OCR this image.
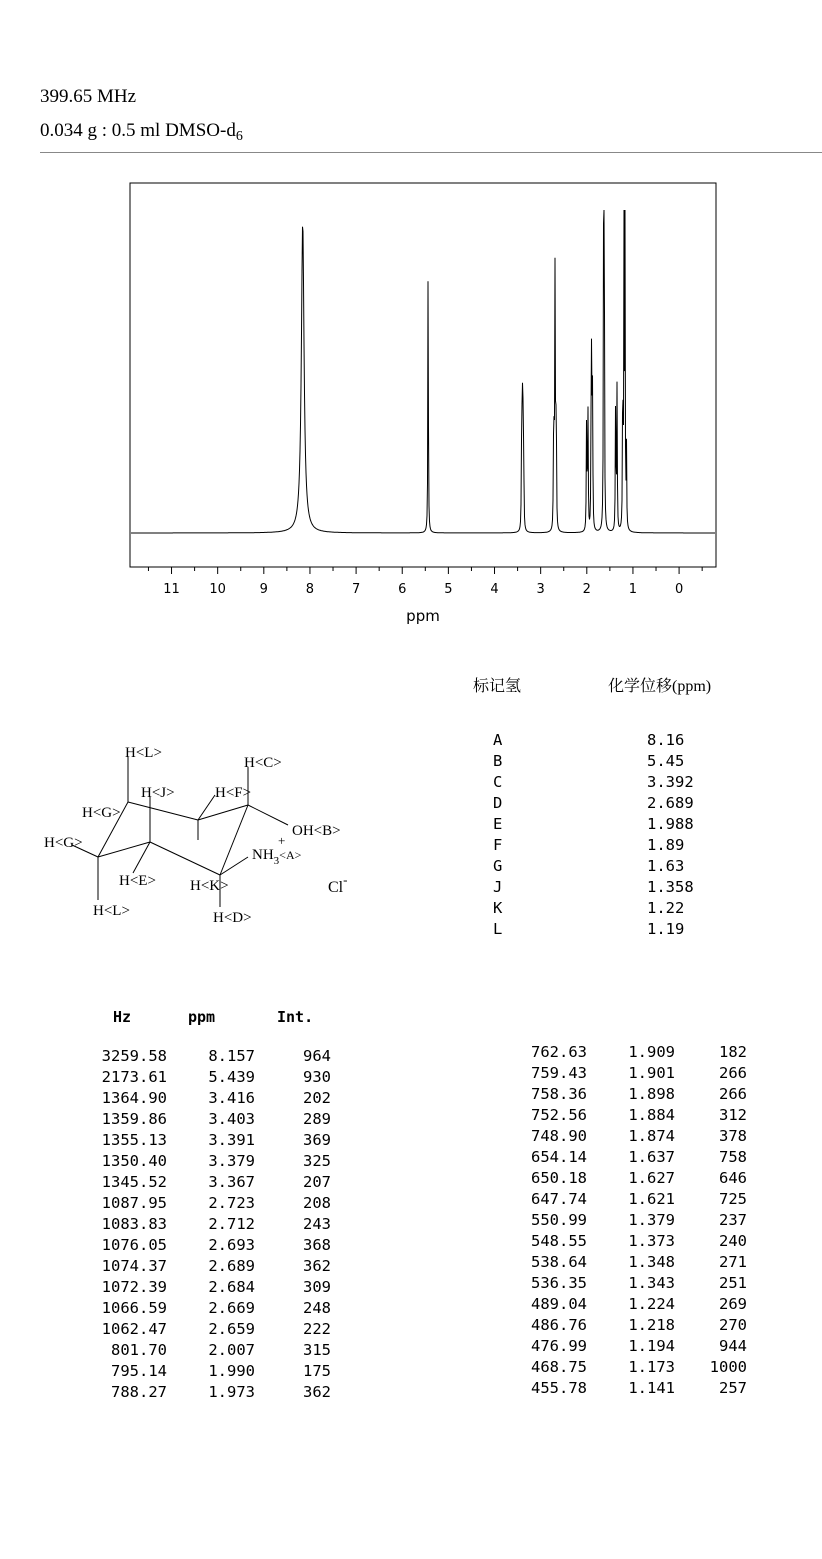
399.65 MHz
0.034 g : 0.5 ml DMSO-$d_6$
11 10	9	8	7	6	5	4	3	2	1	0
ppm
H<L>
H<C>
H<J>
H<G>
H<F>
OH<B>
H<G>	+
$NH_3^{<A>}$
H<E> H<K>	Cl-
H<L>	H<D>
标记氢	化学位移(ppm)
A	8.16
B	5.45
C	3.392
D	2.689
E	1.988
F	1.89
G	1.63
J	1.358
K	1.22
L	1.19
Hz	ppm	Int.
3259.58	8.157	964
2173.61	5.439	930
1364.90	3.416	202
1359.86	3.403	289
1355.13	3.391	369
1350.40	3.379	325
1345.52	3.367	207
1087.95	2.723	208
1083.83	2.712	243
1076.05	2.693	368
1074.37	2.689	362
1072.39	2.684	309
1066.59	2.669	248
1062.47	2.659	222
801.70	2.007	315
795.14	1.990	175
788.27	1.973	362
762.63	1.909	182
759.43	1.901	266
758.36	1.898	266
752.56	1.884	312
748.90	1.874	378
654.14	1.637	758
650.18	1.627	646
647.74	1.621	725
550.99	1.379	237
548.55	1.373	240
538.64	1.348	271
536.35	1.343	251
489.04	1.224	269
486.76	1.218	270
476.99	1.194	944
468.75	1.173 1000
455.78	1.141	257
